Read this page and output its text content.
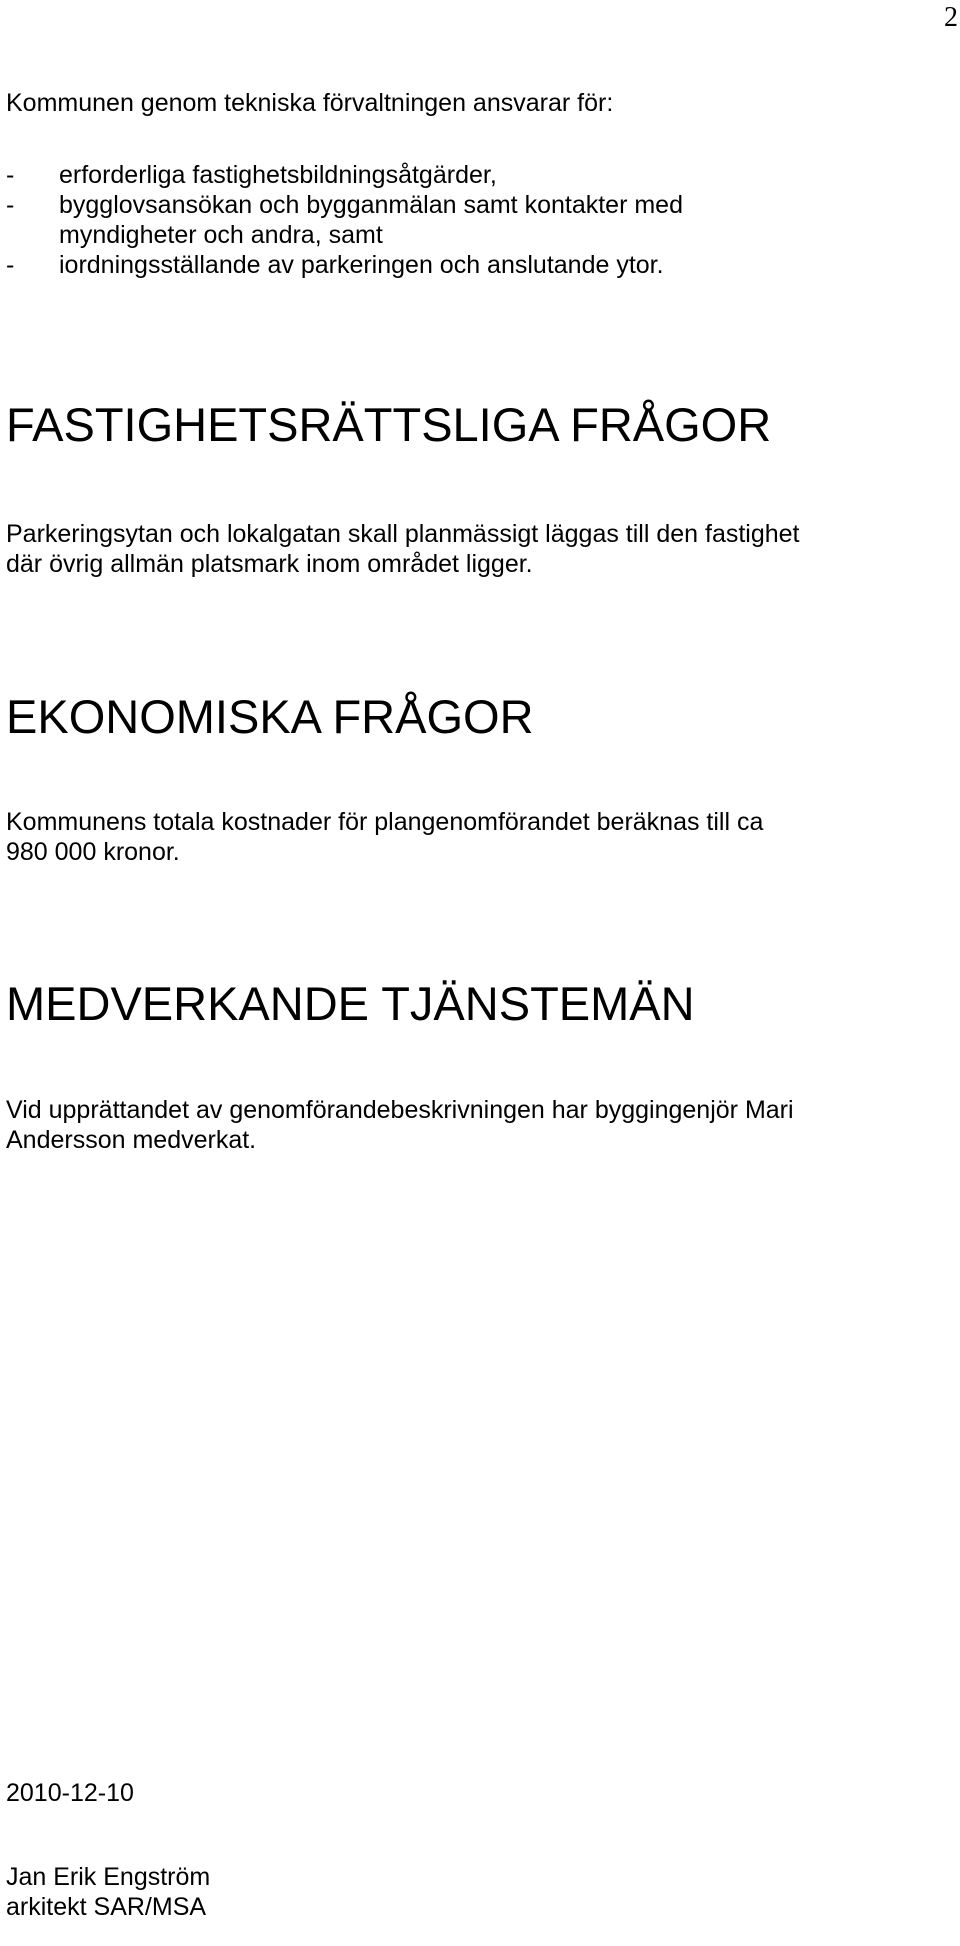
2

Kommunen genom tekniska förvaltningen ansvarar för:

- erforderliga fastighetsbildningsåtgärder,
- bygglovsansökan och bygganmälan samt kontakter med
myndigheter och andra, samt
- iordningsställande av parkeringen och anslutande ytor.
FASTIGHETSRÄTTSLIGA FRÅGOR

Parkeringsytan och lokalgatan skall planmässigt läggas till den fastighet
där övrig allmän platsmark inom området ligger.

EKONOMISKA FRÅGOR

Kommunens totala kostnader för plangenomförandet beräknas till ca
980 000 kronor.

MEDVERKANDE TJÄNSTEMÄN

Vid upprättandet av genomförandebeskrivningen har byggingenjör Mari
Andersson medverkat.

2010-12-10

Jan Erik Engström

arkitekt SAR/MSA
